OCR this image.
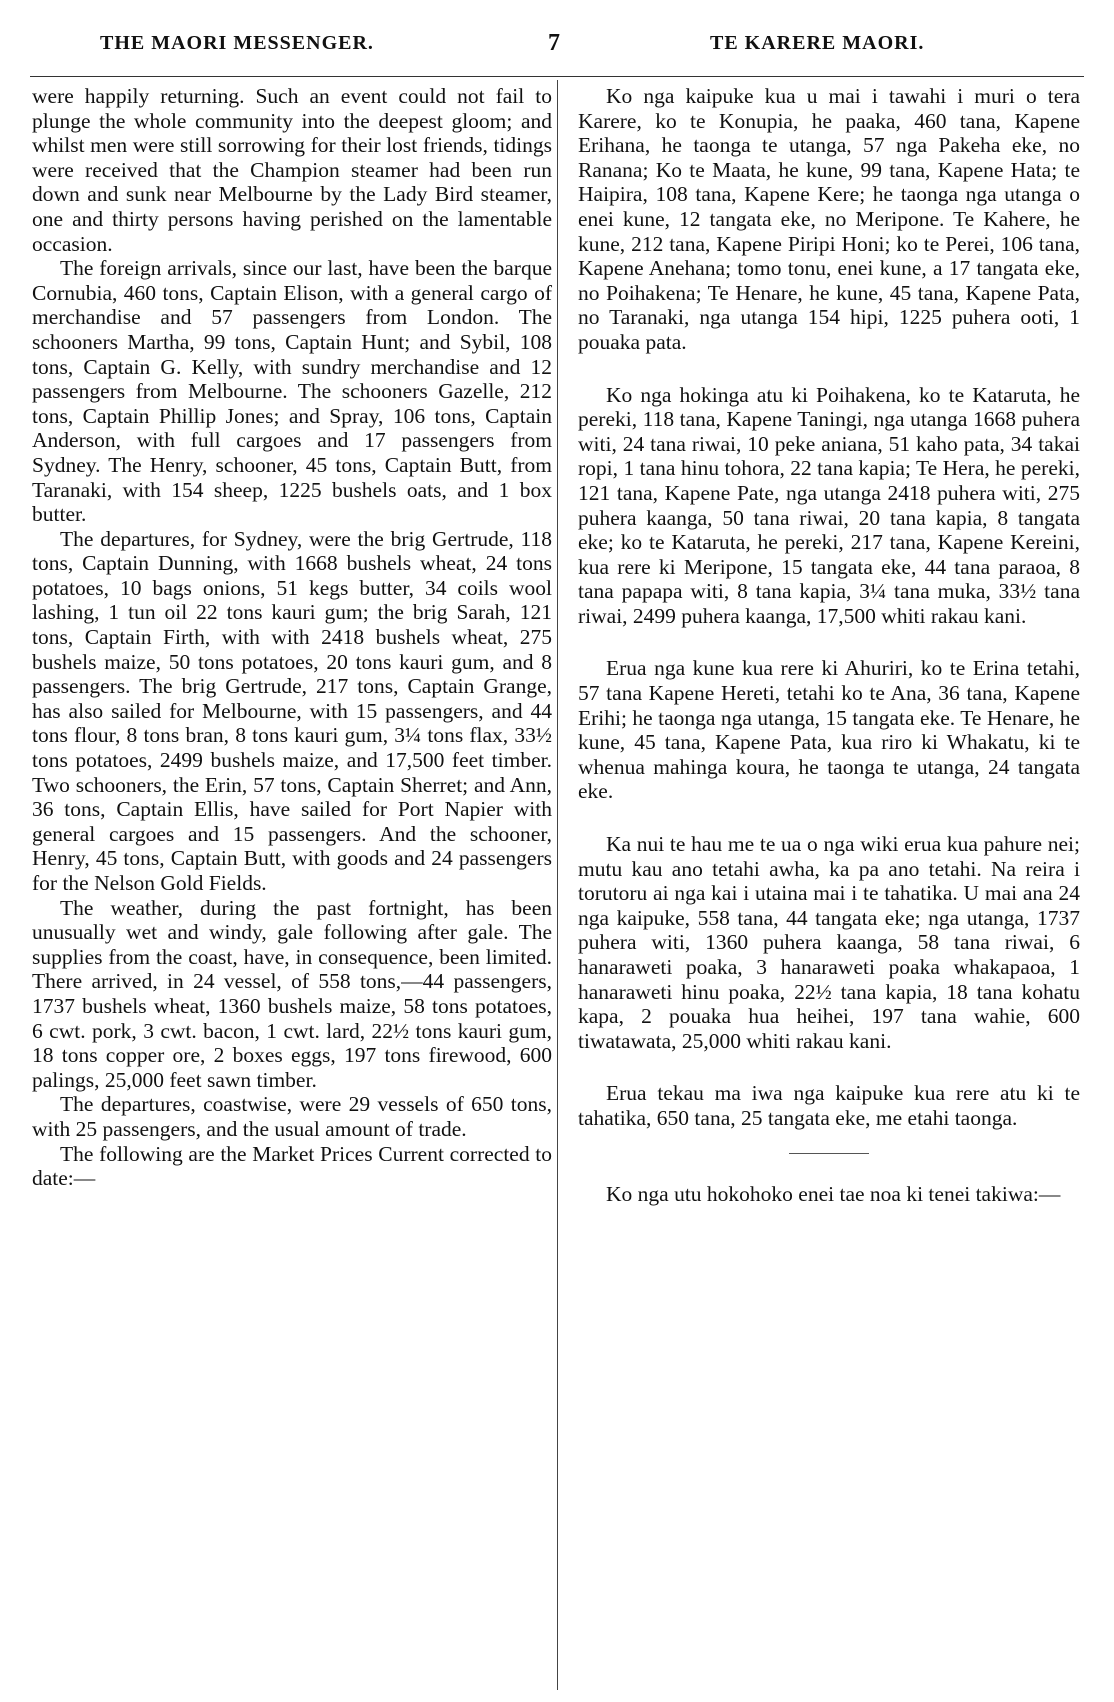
THE MAORI MESSENGER.	7	TE KARERE MAORI.

were happily returning. Such an event could not fail to plunge the whole community into the deepest gloom; and whilst men were still sorrowing for their lost friends, tidings were received that the Champion steamer had been run down and sunk near Melbourne by the Lady Bird steamer, one and thirty persons having perished on the lamentable occasion.

The foreign arrivals, since our last, have been the barque Cornubia, 460 tons, Captain Elison, with a general cargo of merchandise and 57 passengers from London. The schooners Martha, 99 tons, Captain Hunt; and Sybil, 108 tons, Captain G. Kelly, with sundry merchandise and 12 passengers from Melbourne. The schooners Gazelle, 212 tons, Captain Phillip Jones; and Spray, 106 tons, Captain Anderson, with full cargoes and 17 passengers from Sydney. The Henry, schooner, 45 tons, Captain Butt, from Taranaki, with 154 sheep, 1225 bushels oats, and 1 box butter.

The departures, for Sydney, were the brig Gertrude, 118 tons, Captain Dunning, with 1668 bushels wheat, 24 tons potatoes, 10 bags onions, 51 kegs butter, 34 coils wool lashing, 1 tun oil 22 tons kauri gum; the brig Sarah, 121 tons, Captain Firth, with with 2418 bushels wheat, 275 bushels maize, 50 tons potatoes, 20 tons kauri gum, and 8 passengers. The brig Gertrude, 217 tons, Captain Grange, has also sailed for Melbourne, with 15 passengers, and 44 tons flour, 8 tons bran, 8 tons kauri gum, 3¼ tons flax, 33½ tons potatoes, 2499 bushels maize, and 17,500 feet timber. Two schooners, the Erin, 57 tons, Captain Sherret; and Ann, 36 tons, Captain Ellis, have sailed for Port Napier with general cargoes and 15 passengers. And the schooner, Henry, 45 tons, Captain Butt, with goods and 24 passengers for the Nelson Gold Fields.

The weather, during the past fortnight, has been unusually wet and windy, gale following after gale. The supplies from the coast, have, in consequence, been limited. There arrived, in 24 vessel, of 558 tons,—44 passengers, 1737 bushels wheat, 1360 bushels maize, 58 tons potatoes, 6 cwt. pork, 3 cwt. bacon, 1 cwt. lard, 22½ tons kauri gum, 18 tons copper ore, 2 boxes eggs, 197 tons firewood, 600 palings, 25,000 feet sawn timber.

The departures, coastwise, were 29 vessels of 650 tons, with 25 passengers, and the usual amount of trade.

The following are the Market Prices Current corrected to date:—

Ko nga kaipuke kua u mai i tawahi i muri o tera Karere, ko te Konupia, he paaka, 460 tana, Kapene Erihana, he taonga te utanga, 57 nga Pakeha eke, no Ranana; Ko te Maata, he kune, 99 tana, Kapene Hata; te Haipira, 108 tana, Kapene Kere; he taonga nga utanga o enei kune, 12 tangata eke, no Meripone. Te Kahere, he kune, 212 tana, Kapene Piripi Honi; ko te Perei, 106 tana, Kapene Anehana; tomo tonu, enei kune, a 17 tangata eke, no Poihakena; Te Henare, he kune, 45 tana, Kapene Pata, no Taranaki, nga utanga 154 hipi, 1225 puhera ooti, 1 pouaka pata.

Ko nga hokinga atu ki Poihakena, ko te Kataruta, he pereki, 118 tana, Kapene Taningi, nga utanga 1668 puhera witi, 24 tana riwai, 10 peke aniana, 51 kaho pata, 34 takai ropi, 1 tana hinu tohora, 22 tana kapia; Te Hera, he pereki, 121 tana, Kapene Pate, nga utanga 2418 puhera witi, 275 puhera kaanga, 50 tana riwai, 20 tana kapia, 8 tangata eke; ko te Kataruta, he pereki, 217 tana, Kapene Kereini, kua rere ki Meripone, 15 tangata eke, 44 tana paraoa, 8 tana papapa witi, 8 tana kapia, 3¼ tana muka, 33½ tana riwai, 2499 puhera kaanga, 17,500 whiti rakau kani.

Erua nga kune kua rere ki Ahuriri, ko te Erina tetahi, 57 tana Kapene Hereti, tetahi ko te Ana, 36 tana, Kapene Erihi; he taonga nga utanga, 15 tangata eke. Te Henare, he kune, 45 tana, Kapene Pata, kua riro ki Whakatu, ki te whenua mahinga koura, he taonga te utanga, 24 tangata eke.

Ka nui te hau me te ua o nga wiki erua kua pahure nei; mutu kau ano tetahi awha, ka pa ano tetahi. Na reira i torutoru ai nga kai i utaina mai i te tahatika. U mai ana 24 nga kaipuke, 558 tana, 44 tangata eke; nga utanga, 1737 puhera witi, 1360 puhera kaanga, 58 tana riwai, 6 hanaraweti poaka, 3 hanaraweti poaka whakapaoa, 1 hanaraweti hinu poaka, 22½ tana kapia, 18 tana kohatu kapa, 2 pouaka hua heihei, 197 tana wahie, 600 tiwatawata, 25,000 whiti rakau kani.

Erua tekau ma iwa nga kaipuke kua rere atu ki te tahatika, 650 tana, 25 tangata eke, me etahi taonga.

Ko nga utu hokohoko enei tae noa ki tenei takiwa:—
